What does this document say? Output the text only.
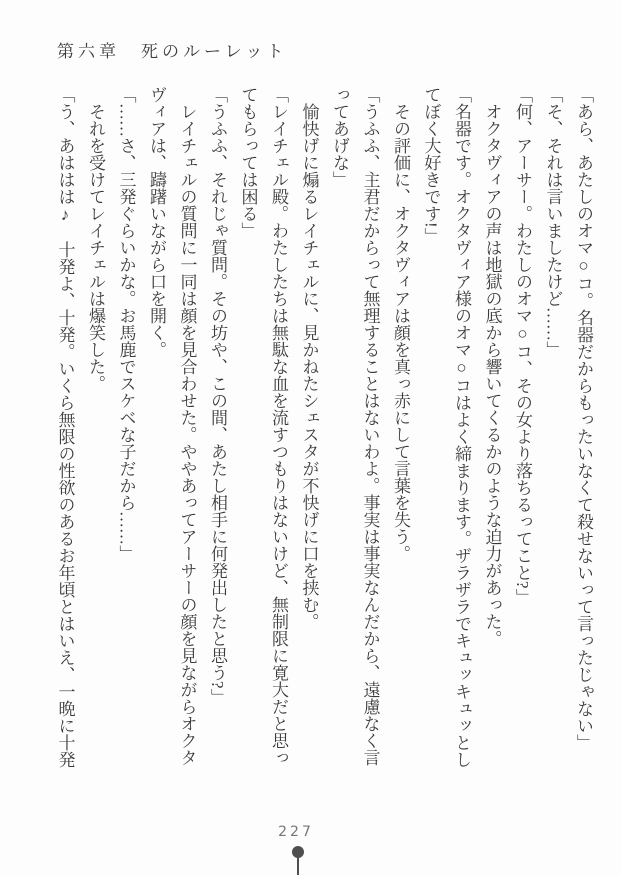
第六章　死のルーレット
「あら、あたしのオマ○コ。名器だからもったいなくて殺せないって言ったじゃない」
「そ、それは言いましたけど……」
「何、アーサー。わたしのオマ○コ、その女より落ちるってこと?」
　オクタヴィアの声は地獄の底から響いてくるかのような迫力があった。
「名器です。オクタヴィア様のオマ○コはよく締まります。ザラザラでキュッキュッとし
てぼく大好きです!」
　その評価に、オクタヴィアは顔を真っ赤にして言葉を失う。
「うふふ、主君だからって無理することはないわよ。事実は事実なんだから、遠慮なく言
ってあげな」
　愉快げに煽るレイチェルに、見かねたシェスタが不快げに口を挟む。
「レイチェル殿。わたしたちは無駄な血を流すつもりはないけど、無制限に寛大だと思っ
てもらっては困る」
「うふふ、それじゃ質問。その坊や、この間、あたし相手に何発出したと思う?」
　レイチェルの質問に一同は顔を見合わせた。ややあってアーサーの顔を見ながらオクタ
ヴィアは、躊躇いながら口を開く。
「……さ、三発ぐらいかな。お馬鹿でスケベな子だから……」
　それを受けてレイチェルは爆笑した。
「う、あははは♪　十発よ、十発。いくら無限の性欲のあるお年頃とはいえ、一晩に十発
227
